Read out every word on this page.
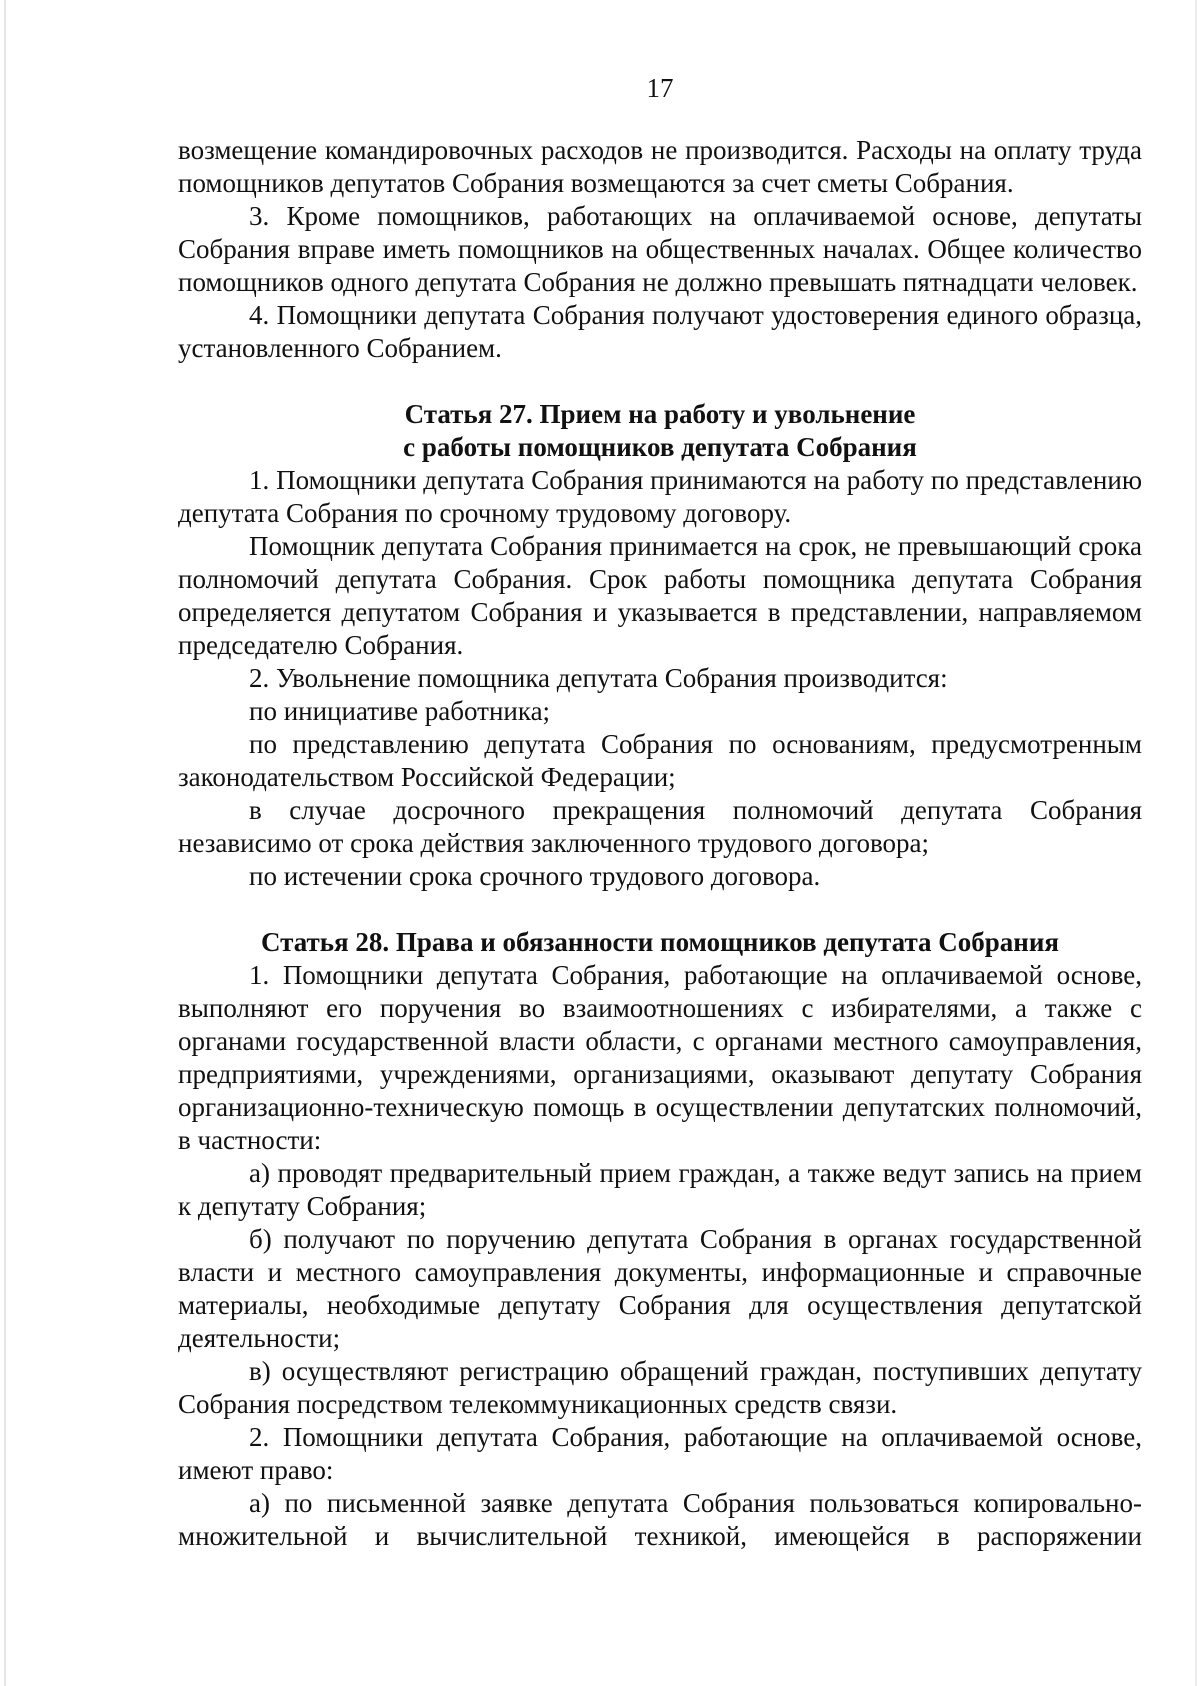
17

возмещение командировочных расходов не производится. Расходы на оплату труда помощников депутатов Собрания возмещаются за счет сметы Собрания.

3. Кроме помощников, работающих на оплачиваемой основе, депутаты Собрания вправе иметь помощников на общественных началах. Общее количество помощников одного депутата Собрания не должно превышать пятнадцати человек.

4. Помощники депутата Собрания получают удостоверения единого образца, установленного Собранием.

Статья 27. Прием на работу и увольнение
с работы помощников депутата Собрания

1. Помощники депутата Собрания принимаются на работу по представлению депутата Собрания по срочному трудовому договору.

Помощник депутата Собрания принимается на срок, не превышающий срока полномочий депутата Собрания. Срок работы помощника депутата Собрания определяется депутатом Собрания и указывается в представлении, направляемом председателю Собрания.

2. Увольнение помощника депутата Собрания производится:

по инициативе работника;

по представлению депутата Собрания по основаниям, предусмотренным законодательством Российской Федерации;

в случае досрочного прекращения полномочий депутата Собрания независимо от срока действия заключенного трудового договора;

по истечении срока срочного трудового договора.

Статья 28. Права и обязанности помощников депутата Собрания

1. Помощники депутата Собрания, работающие на оплачиваемой основе, выполняют его поручения во взаимоотношениях с избирателями, а также с органами государственной власти области, с органами местного самоуправления, предприятиями, учреждениями, организациями, оказывают депутату Собрания организационно-техническую помощь в осуществлении депутатских полномочий, в частности:

а) проводят предварительный прием граждан, а также ведут запись на прием к депутату Собрания;

б) получают по поручению депутата Собрания в органах государственной власти и местного самоуправления документы, информационные и справочные материалы, необходимые депутату Собрания для осуществления депутатской деятельности;

в) осуществляют регистрацию обращений граждан, поступивших депутату Собрания посредством телекоммуникационных средств связи.

2. Помощники депутата Собрания, работающие на оплачиваемой основе, имеют право:

а) по письменной заявке депутата Собрания пользоваться копировально-множительной и вычислительной техникой, имеющейся в распоряжении
